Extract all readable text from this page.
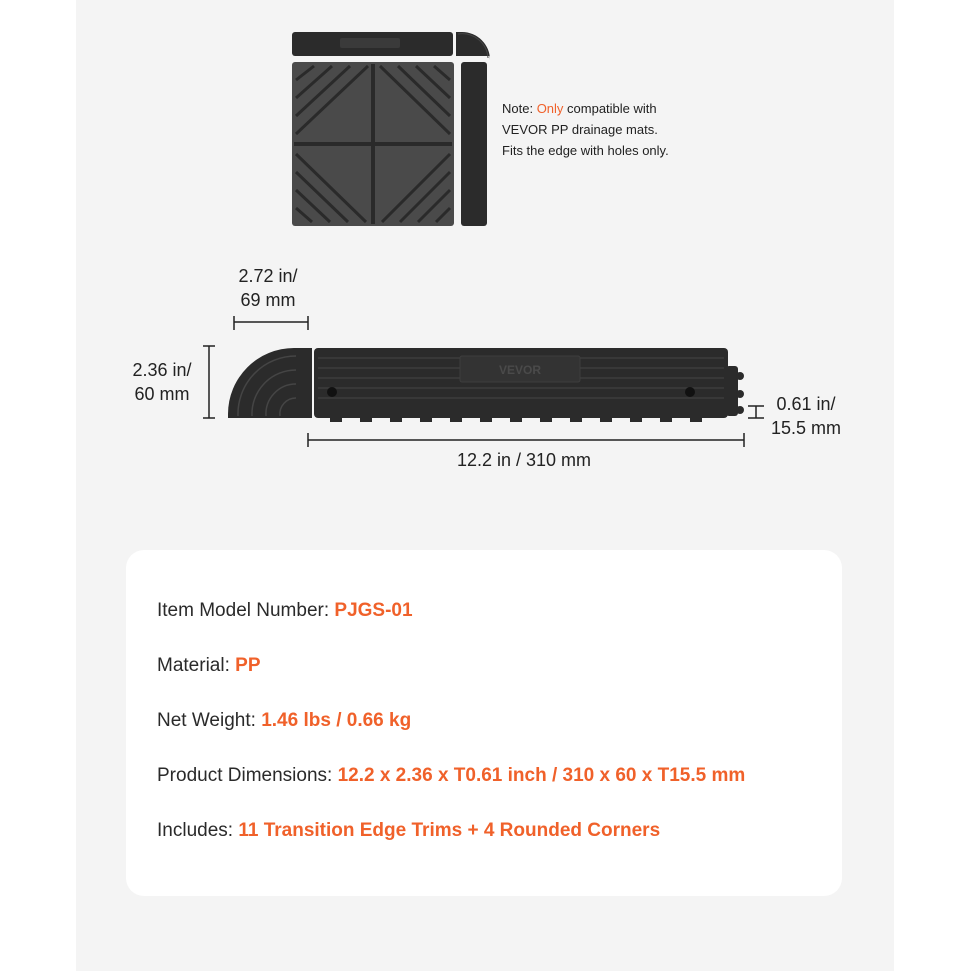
Note: Only compatible with
VEVOR PP drainage mats.
Fits the edge with holes only.
VEVOR
2.72 in/
69 mm
2.36 in/
60 mm	0.61 in/
15.5 mm
12.2 in / 310 mm
Item Model Number: PJGS-01
Material: PP
Net Weight: 1.46 lbs / 0.66 kg
Product Dimensions: 12.2 x 2.36 x T0.61 inch / 310 x 60 x T15.5 mm
Includes: 11 Transition Edge Trims + 4 Rounded Corners
